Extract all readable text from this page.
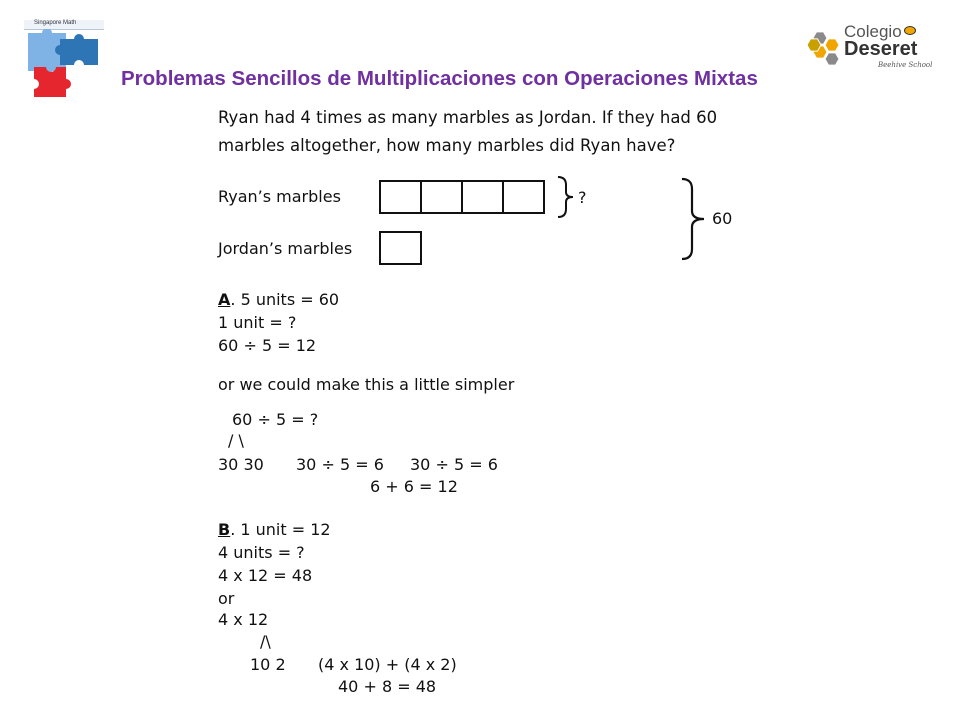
Singapore Math	Colegio
Deseret
Beehive School
Problemas Sencillos de Multiplicaciones con Operaciones Mixtas
Ryan had 4 times as many marbles as Jordan. If they had 60
marbles altogether, how many marbles did Ryan have?
Ryan’s marbles
Jordan’s marbles
?
60
A. 5 units = 60
1 unit = ?
60 ÷ 5 = 12
or we could make this a little simpler
60 ÷ 5 = ?
/ \
30 30 30 ÷ 5 = 6 30 ÷ 5 = 6
6 + 6 = 12
B. 1 unit = 12
4 units = ?
4 x 12 = 48
or
4 x 12
/\
10 2 (4 x 10) + (4 x 2)
40 + 8 = 48
